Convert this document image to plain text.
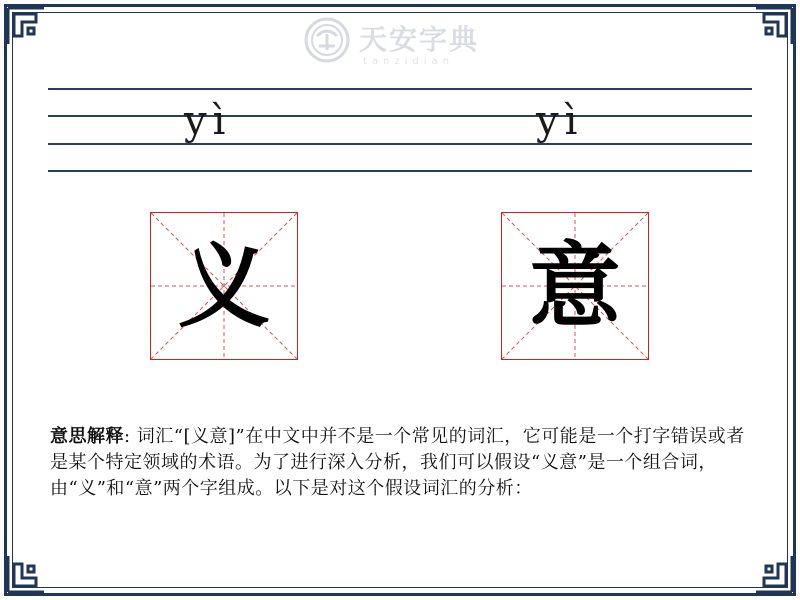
天安字典
tanzidian
yì	yì
义	意

意思解释: 词汇“[义意]”在中文中并不是一个常见的词汇，它可能是一个打字错误或者是某个特定领域的术语。为了进行深入分析，我们可以假设“义意”是一个组合词，由“义”和“意”两个字组成。以下是对这个假设词汇的分析：
